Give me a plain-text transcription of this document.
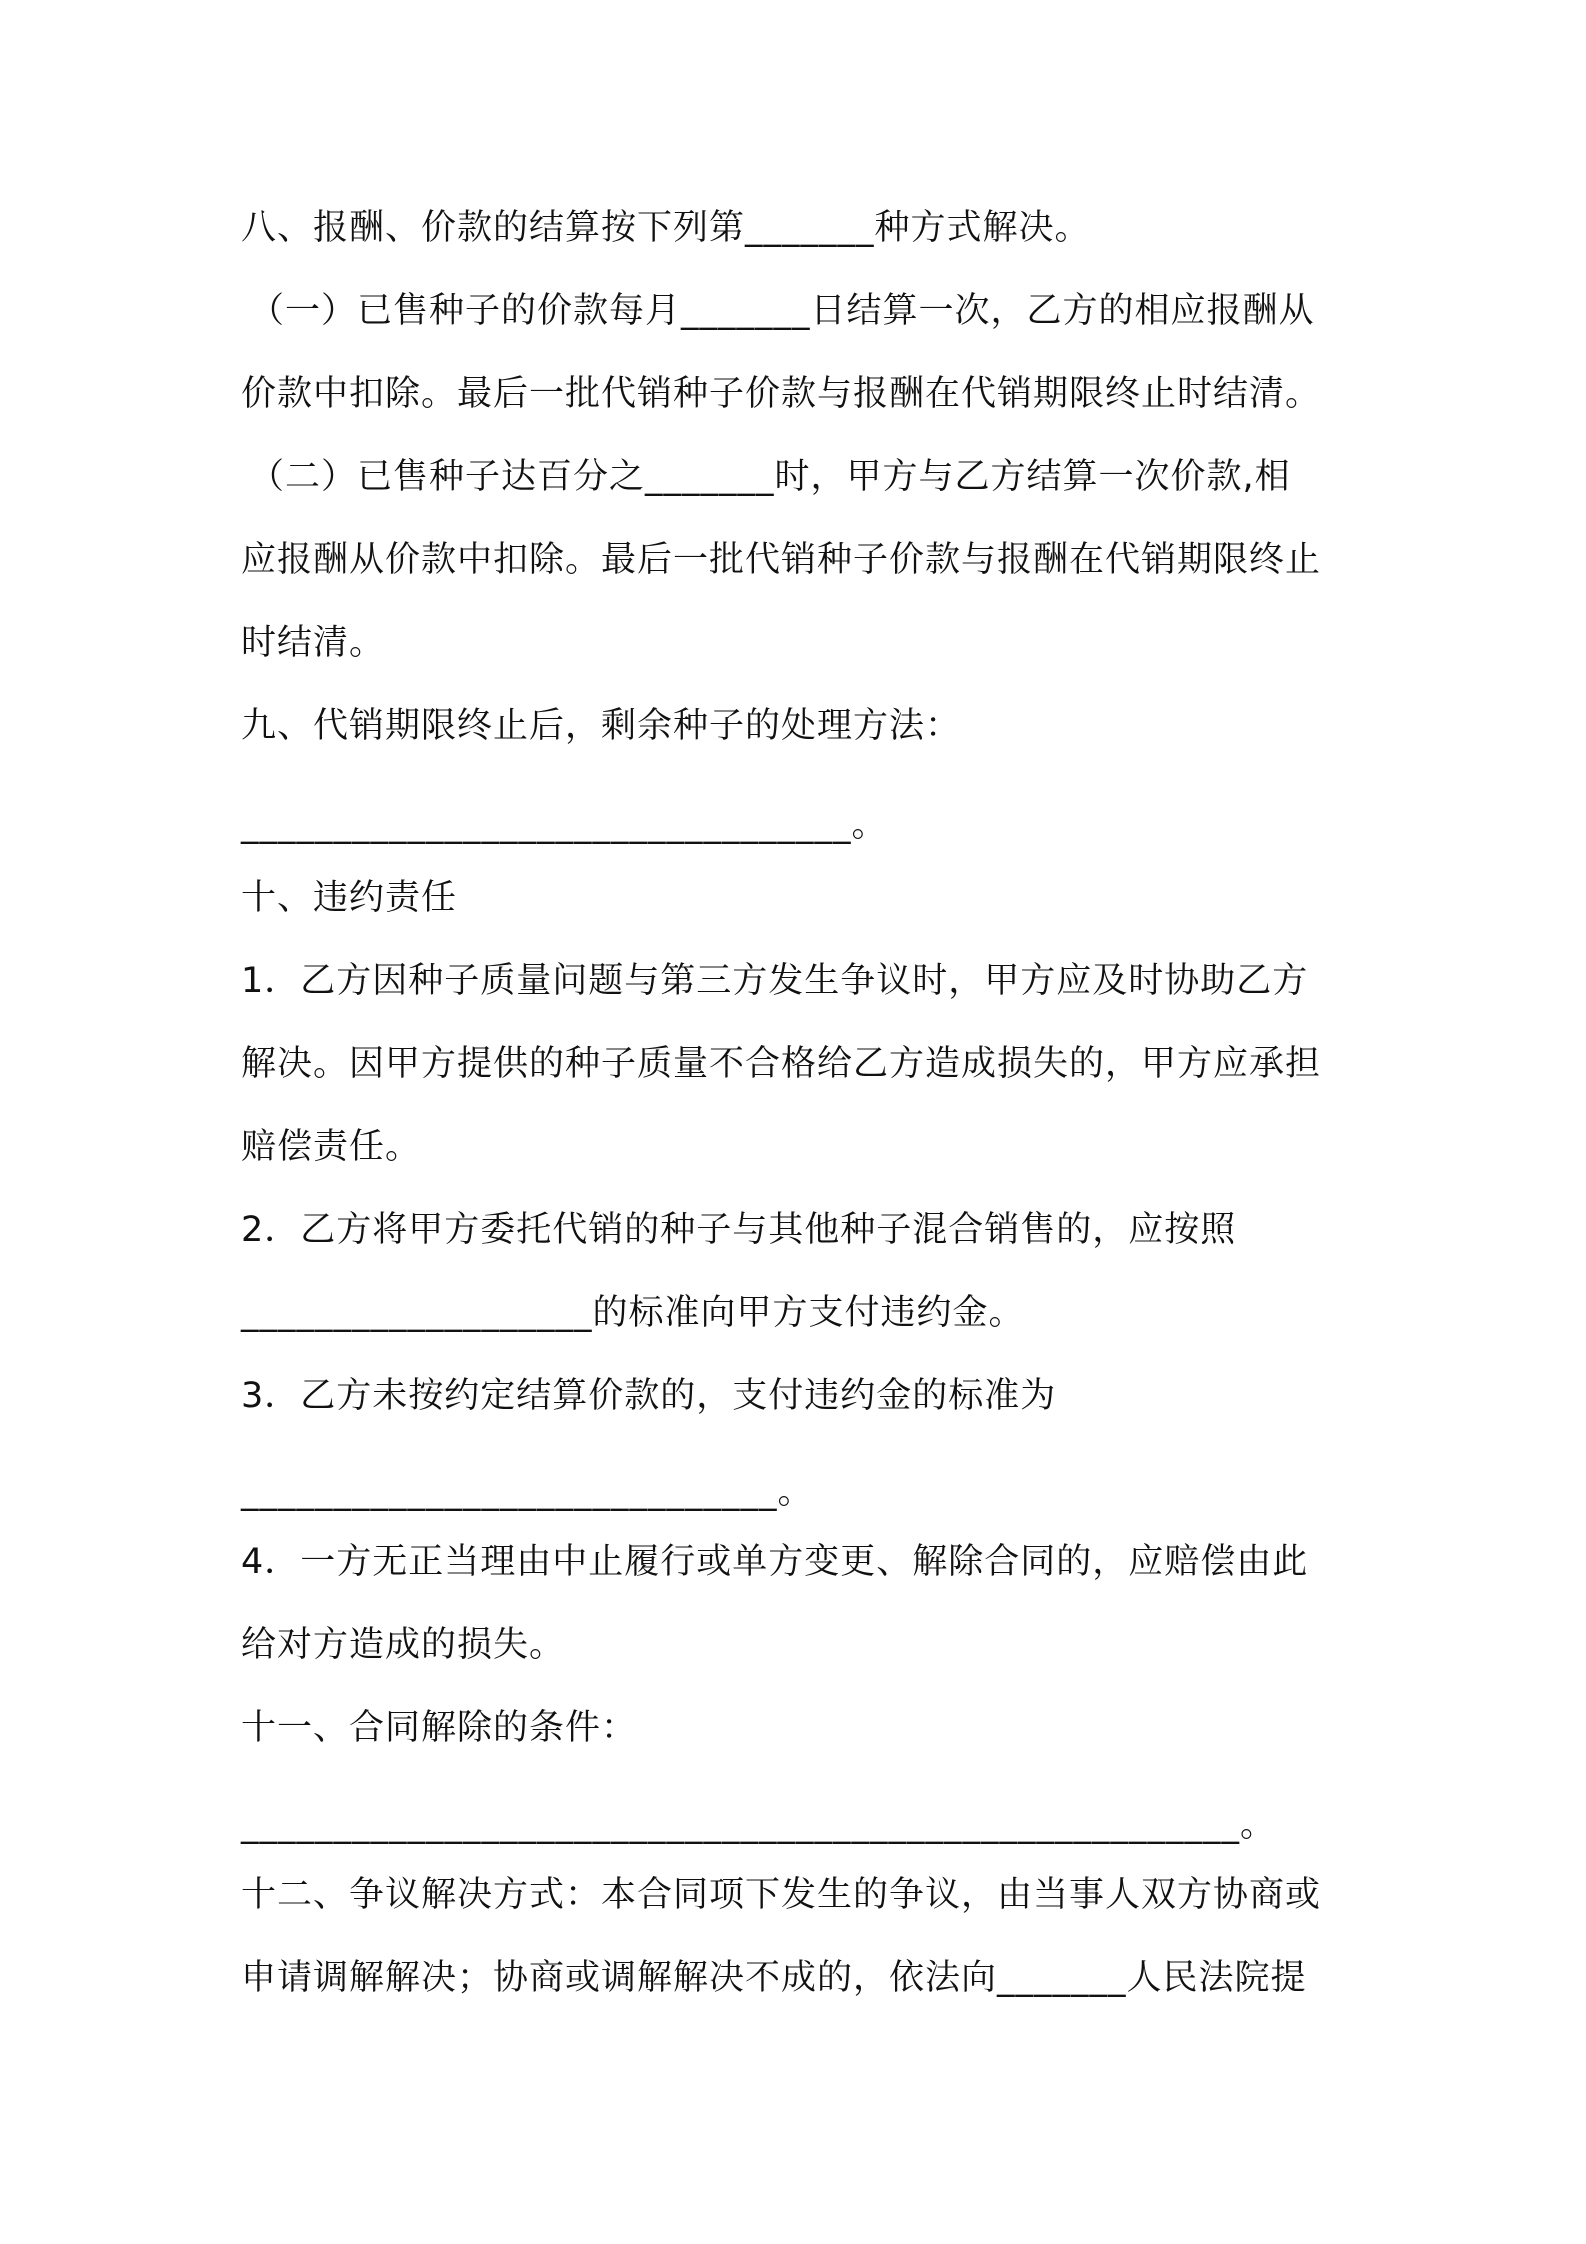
八、报酬、价款的结算按下列第_______种方式解决。
（一）已售种子的价款每月_______日结算一次，乙方的相应报酬从
价款中扣除。最后一批代销种子价款与报酬在代销期限终止时结清。
（二）已售种子达百分之_______时，甲方与乙方结算一次价款,相
应报酬从价款中扣除。最后一批代销种子价款与报酬在代销期限终止
时结清。
九、代销期限终止后，剩余种子的处理方法：
_________________________________。
十、违约责任
1．乙方因种子质量问题与第三方发生争议时，甲方应及时协助乙方
解决。因甲方提供的种子质量不合格给乙方造成损失的，甲方应承担
赔偿责任。
2．乙方将甲方委托代销的种子与其他种子混合销售的，应按照
___________________的标准向甲方支付违约金。
3．乙方未按约定结算价款的，支付违约金的标准为
_____________________________。
4．一方无正当理由中止履行或单方变更、解除合同的，应赔偿由此
给对方造成的损失。
十一、合同解除的条件：
______________________________________________________。
十二、争议解决方式：本合同项下发生的争议，由当事人双方协商或
申请调解解决；协商或调解解决不成的，依法向_______人民法院提
